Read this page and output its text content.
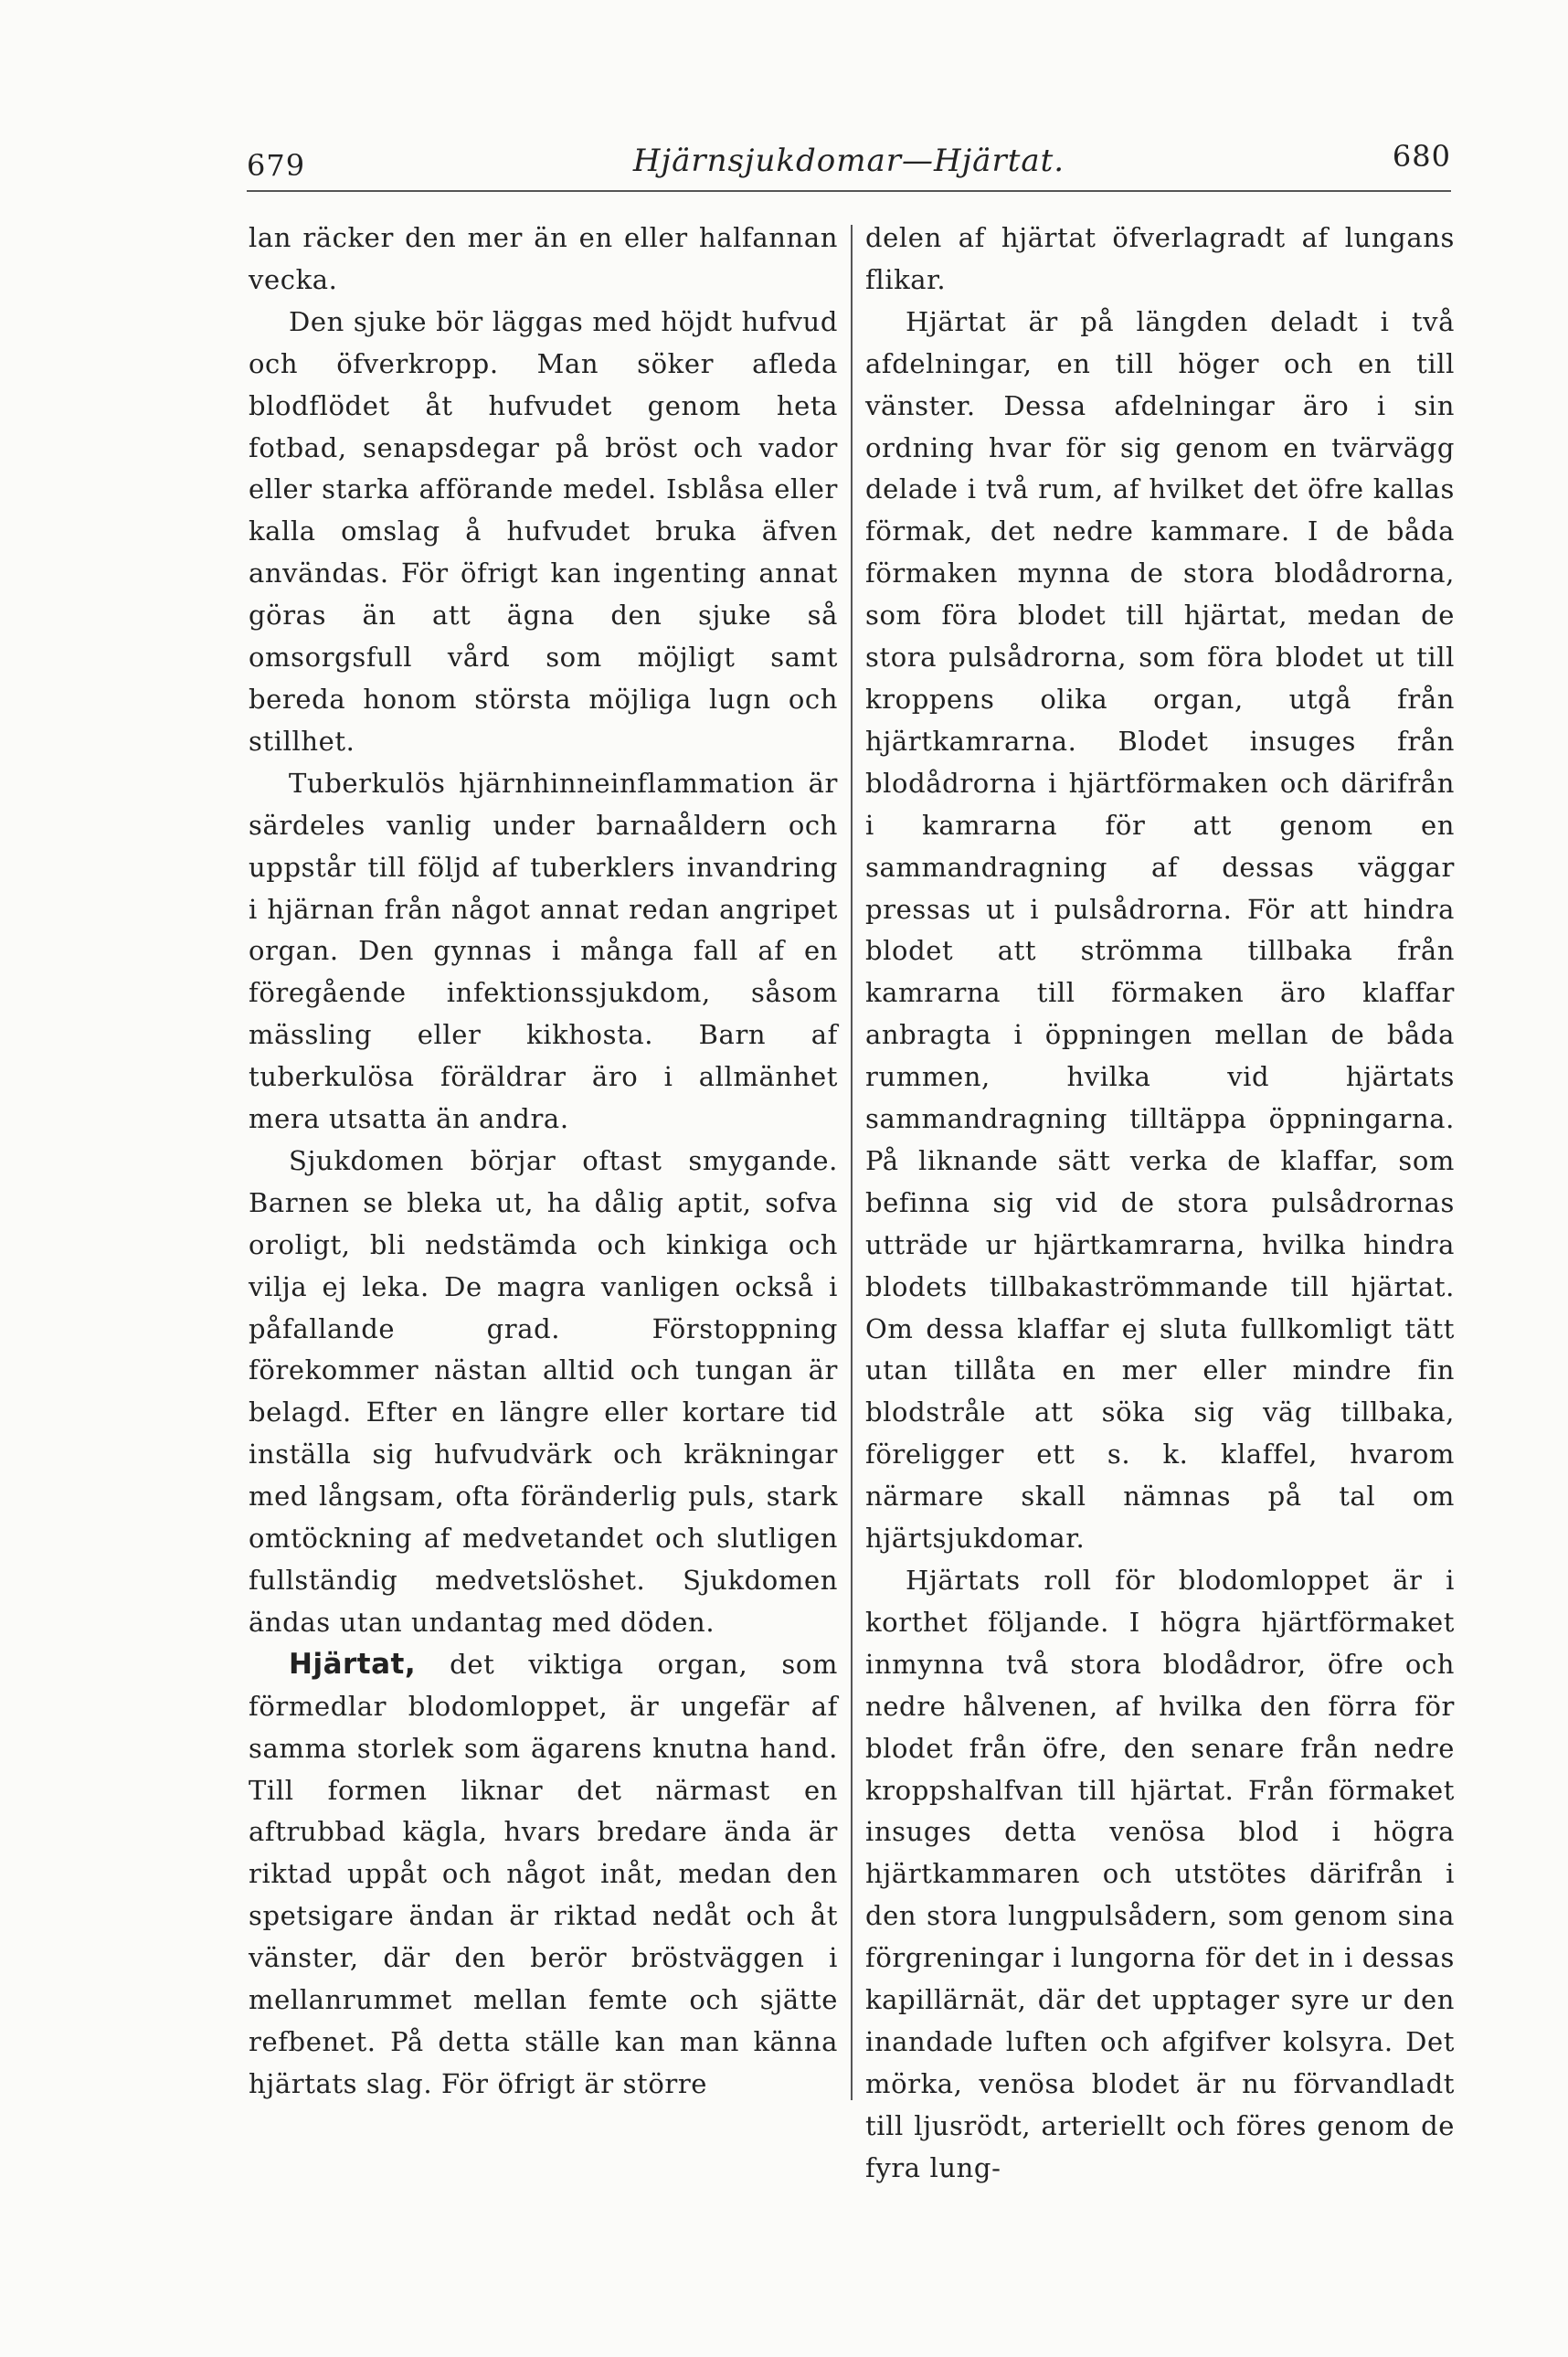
679	Hjärnsjukdomar—Hjärtat.	680

lan räcker den mer än en eller halfannan vecka.

Den sjuke bör läggas med höjdt hufvud och öfverkropp. Man söker afleda blodflödet åt hufvudet genom heta fotbad, senapsdegar på bröst och vador eller starka afförande medel. Isblåsa eller kalla omslag å hufvudet bruka äfven användas. För öfrigt kan ingenting annat göras än att ägna den sjuke så omsorgsfull vård som möjligt samt bereda honom största möjliga lugn och stillhet.

Tuberkulös hjärnhinneinflammation är särdeles vanlig under barnaåldern och uppstår till följd af tuberklers invandring i hjärnan från något annat redan angripet organ. Den gynnas i många fall af en föregående infektionssjukdom, såsom mässling eller kikhosta. Barn af tuberkulösa föräldrar äro i allmänhet mera utsatta än andra.

Sjukdomen börjar oftast smygande. Barnen se bleka ut, ha dålig aptit, sofva oroligt, bli nedstämda och kinkiga och vilja ej leka. De magra vanligen också i påfallande grad. Förstoppning förekommer nästan alltid och tungan är belagd. Efter en längre eller kortare tid inställa sig hufvudvärk och kräkningar med långsam, ofta föränderlig puls, stark omtöckning af medvetandet och slutligen fullständig medvetslöshet. Sjukdomen ändas utan undantag med döden.

Hjärtat, det viktiga organ, som förmedlar blodomloppet, är ungefär af samma storlek som ägarens knutna hand. Till formen liknar det närmast en aftrubbad kägla, hvars bredare ända är riktad uppåt och något inåt, medan den spetsigare ändan är riktad nedåt och åt vänster, där den berör bröstväggen i mellanrummet mellan femte och sjätte refbenet. På detta ställe kan man känna hjärtats slag. För öfrigt är större

delen af hjärtat öfverlagradt af lungans flikar.

Hjärtat är på längden deladt i två afdelningar, en till höger och en till vänster. Dessa afdelningar äro i sin ordning hvar för sig genom en tvärvägg delade i två rum, af hvilket det öfre kallas förmak, det nedre kammare. I de båda förmaken mynna de stora blodådrorna, som föra blodet till hjärtat, medan de stora pulsådrorna, som föra blodet ut till kroppens olika organ, utgå från hjärtkamrarna. Blodet insuges från blodådrorna i hjärtförmaken och därifrån i kamrarna för att genom en sammandragning af dessas väggar pressas ut i pulsådrorna. För att hindra blodet att strömma tillbaka från kamrarna till förmaken äro klaffar anbragta i öppningen mellan de båda rummen, hvilka vid hjärtats sammandragning tilltäppa öppningarna. På liknande sätt verka de klaffar, som befinna sig vid de stora pulsådrornas utträde ur hjärtkamrarna, hvilka hindra blodets tillbakaströmmande till hjärtat. Om dessa klaffar ej sluta fullkomligt tätt utan tillåta en mer eller mindre fin blodstråle att söka sig väg tillbaka, föreligger ett s. k. klaffel, hvarom närmare skall nämnas på tal om hjärtsjukdomar.

Hjärtats roll för blodomloppet är i korthet följande. I högra hjärtförmaket inmynna två stora blodådror, öfre och nedre hålvenen, af hvilka den förra för blodet från öfre, den senare från nedre kroppshalfvan till hjärtat. Från förmaket insuges detta venösa blod i högra hjärtkammaren och utstötes därifrån i den stora lungpulsådern, som genom sina förgreningar i lungorna för det in i dessas kapillärnät, där det upptager syre ur den inandade luften och afgifver kolsyra. Det mörka, venösa blodet är nu förvandladt till ljusrödt, arteriellt och föres genom de fyra lung-
